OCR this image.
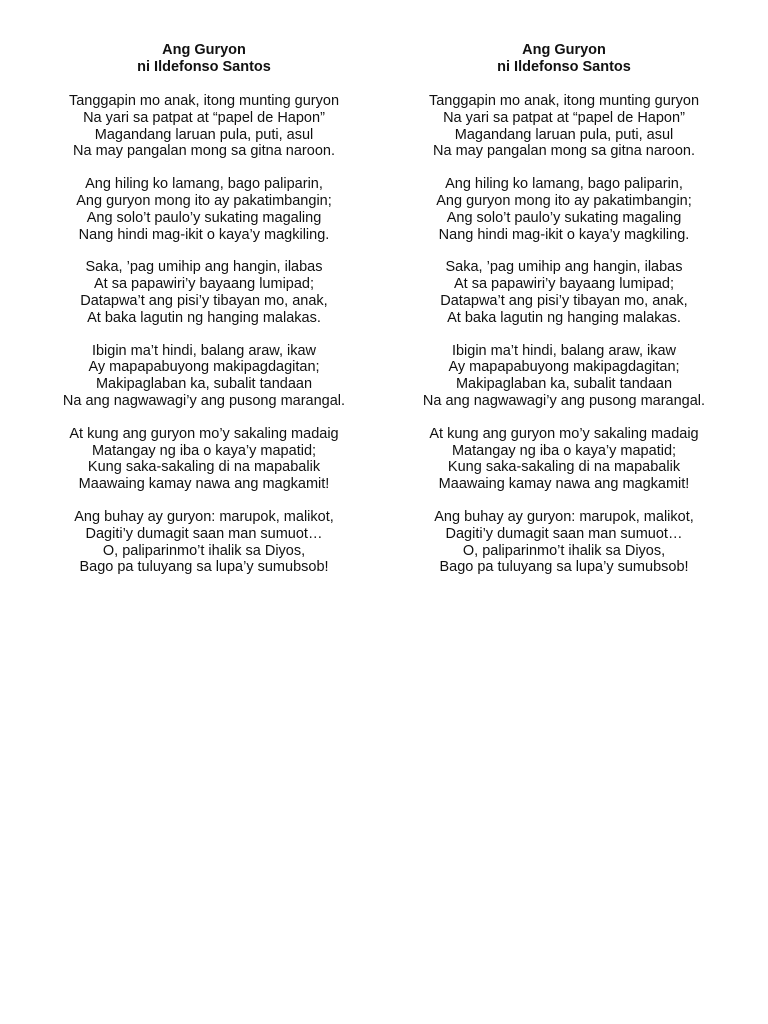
Ang Guryon

ni Ildefonso Santos

Tanggapin mo anak, itong munting guryon
Na yari sa patpat at “papel de Hapon”
Magandang laruan pula, puti, asul
Na may pangalan mong sa gitna naroon.
Ang hiling ko lamang, bago paliparin,
Ang guryon mong ito ay pakatimbangin;
Ang solo’t paulo’y sukating magaling
Nang hindi mag-ikit o kaya’y magkiling.
Saka, ’pag umihip ang hangin, ilabas
At sa papawiri’y bayaang lumipad;
Datapwa’t ang pisi’y tibayan mo, anak,
At baka lagutin ng hanging malakas.
Ibigin ma’t hindi, balang araw, ikaw
Ay mapapabuyong makipagdagitan;
Makipaglaban ka, subalit tandaan
Na ang nagwawagi’y ang pusong marangal.
At kung ang guryon mo’y sakaling madaig
Matangay ng iba o kaya’y mapatid;
Kung saka-sakaling di na mapabalik
Maawaing kamay nawa ang magkamit!
Ang buhay ay guryon: marupok, malikot,
Dagiti’y dumagit saan man sumuot…
O, paliparinmo’t ihalik sa Diyos,
Bago pa tuluyang sa lupa’y sumubsob!

Ang Guryon

ni Ildefonso Santos

Tanggapin mo anak, itong munting guryon
Na yari sa patpat at “papel de Hapon”
Magandang laruan pula, puti, asul
Na may pangalan mong sa gitna naroon.
Ang hiling ko lamang, bago paliparin,
Ang guryon mong ito ay pakatimbangin;
Ang solo’t paulo’y sukating magaling
Nang hindi mag-ikit o kaya’y magkiling.
Saka, ’pag umihip ang hangin, ilabas
At sa papawiri’y bayaang lumipad;
Datapwa’t ang pisi’y tibayan mo, anak,
At baka lagutin ng hanging malakas.
Ibigin ma’t hindi, balang araw, ikaw
Ay mapapabuyong makipagdagitan;
Makipaglaban ka, subalit tandaan
Na ang nagwawagi’y ang pusong marangal.
At kung ang guryon mo’y sakaling madaig
Matangay ng iba o kaya’y mapatid;
Kung saka-sakaling di na mapabalik
Maawaing kamay nawa ang magkamit!
Ang buhay ay guryon: marupok, malikot,
Dagiti’y dumagit saan man sumuot…
O, paliparinmo’t ihalik sa Diyos,
Bago pa tuluyang sa lupa’y sumubsob!
